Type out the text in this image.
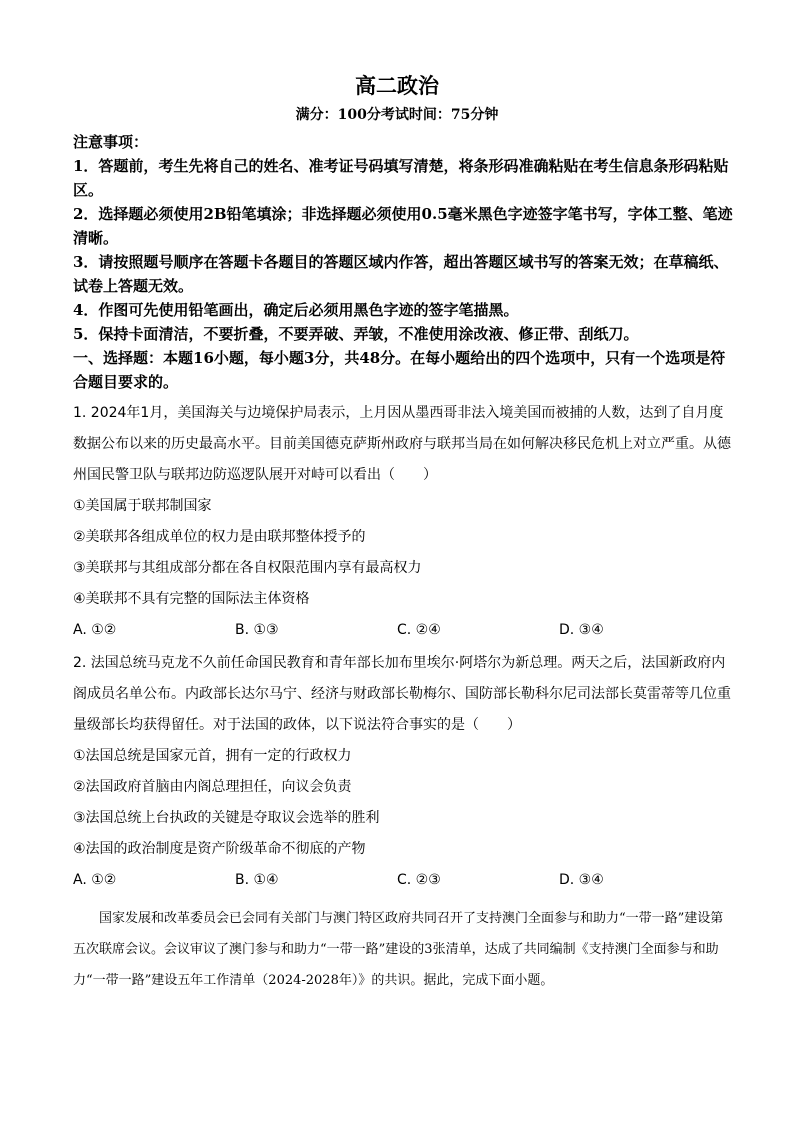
高二政治
满分：100分考试时间：75分钟

注意事项：

1．答题前，考生先将自己的姓名、准考证号码填写清楚，将条形码准确粘贴在考生信息条形码粘贴区。

2．选择题必须使用2B铅笔填涂；非选择题必须使用0.5毫米黑色字迹签字笔书写，字体工整、笔迹清晰。

3．请按照题号顺序在答题卡各题目的答题区域内作答，超出答题区域书写的答案无效；在草稿纸、试卷上答题无效。

4．作图可先使用铅笔画出，确定后必须用黑色字迹的签字笔描黑。

5．保持卡面清洁，不要折叠，不要弄破、弄皱，不准使用涂改液、修正带、刮纸刀。

一、选择题：本题16小题，每小题3分，共48分。在每小题给出的四个选项中，只有一个选项是符合题目要求的。

1. 2024年1月，美国海关与边境保护局表示，上月因从墨西哥非法入境美国而被捕的人数，达到了自月度数据公布以来的历史最高水平。目前美国德克萨斯州政府与联邦当局在如何解决移民危机上对立严重。从德州国民警卫队与联邦边防巡逻队展开对峙可以看出（　　）

①美国属于联邦制国家

②美联邦各组成单位的权力是由联邦整体授予的

③美联邦与其组成部分都在各自权限范围内享有最高权力

④美联邦不具有完整的国际法主体资格

A. ①②	B. ①③	C. ②④	D. ③④

2. 法国总统马克龙不久前任命国民教育和青年部长加布里埃尔·阿塔尔为新总理。两天之后，法国新政府内阁成员名单公布。内政部长达尔马宁、经济与财政部长勒梅尔、国防部长勒科尔尼司法部长莫雷蒂等几位重量级部长均获得留任。对于法国的政体，以下说法符合事实的是（　　）

①法国总统是国家元首，拥有一定的行政权力

②法国政府首脑由内阁总理担任，向议会负责

③法国总统上台执政的关键是夺取议会选举的胜利

④法国的政治制度是资产阶级革命不彻底的产物

A. ①②	B. ①④	C. ②③	D. ③④

国家发展和改革委员会已会同有关部门与澳门特区政府共同召开了支持澳门全面参与和助力“一带一路”建设第五次联席会议。会议审议了澳门参与和助力“一带一路”建设的3张清单，达成了共同编制《支持澳门全面参与和助力“一带一路”建设五年工作清单（2024-2028年）》的共识。据此，完成下面小题。
